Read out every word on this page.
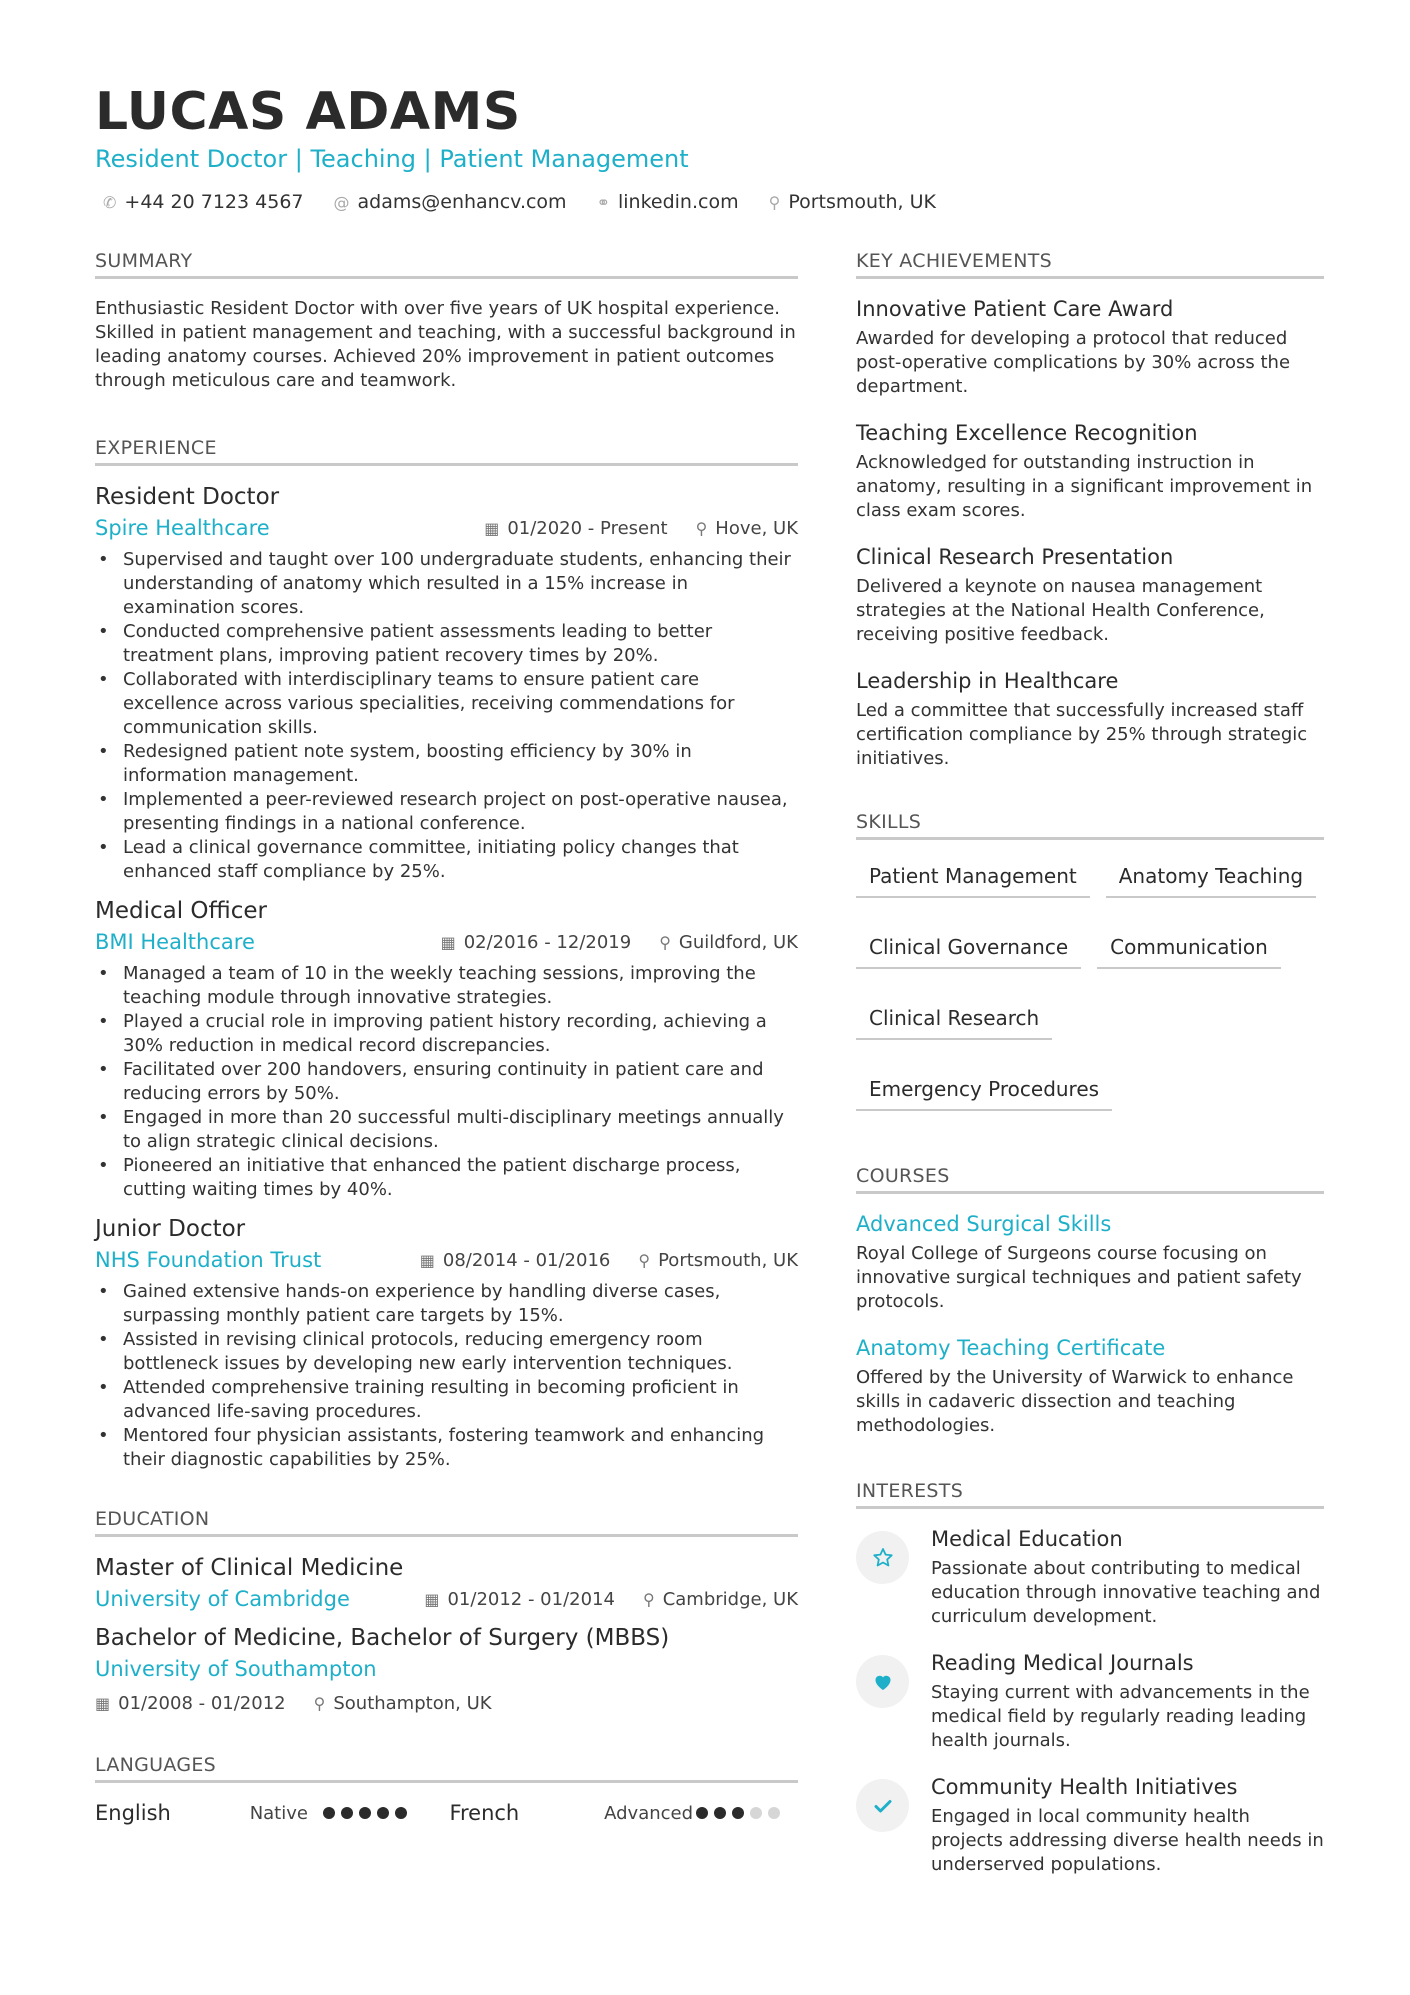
LUCAS ADAMS
Resident Doctor | Teaching | Patient Management
✆ +44 20 7123 4567 @ adams@enhancv.com ⚭ linkedin.com ⚲ Portsmouth, UK
SUMMARY
Enthusiastic Resident Doctor with over five years of UK hospital experience. Skilled in patient management and teaching, with a successful background in leading anatomy courses. Achieved 20% improvement in patient outcomes through meticulous care and teamwork.
EXPERIENCE
Resident Doctor
Spire Healthcare	▦ 01/2020 - Present ⚲ Hove, UK
• Supervised and taught over 100 undergraduate students, enhancing their understanding of anatomy which resulted in a 15% increase in examination scores.
• Conducted comprehensive patient assessments leading to better treatment plans, improving patient recovery times by 20%.
• Collaborated with interdisciplinary teams to ensure patient care excellence across various specialities, receiving commendations for communication skills.
• Redesigned patient note system, boosting efficiency by 30% in information management.
• Implemented a peer-reviewed research project on post-operative nausea, presenting findings in a national conference.
• Lead a clinical governance committee, initiating policy changes that enhanced staff compliance by 25%.
Medical Officer
BMI Healthcare	▦ 02/2016 - 12/2019 ⚲ Guildford, UK
• Managed a team of 10 in the weekly teaching sessions, improving the teaching module through innovative strategies.
• Played a crucial role in improving patient history recording, achieving a 30% reduction in medical record discrepancies.
• Facilitated over 200 handovers, ensuring continuity in patient care and reducing errors by 50%.
• Engaged in more than 20 successful multi-disciplinary meetings annually to align strategic clinical decisions.
• Pioneered an initiative that enhanced the patient discharge process, cutting waiting times by 40%.
Junior Doctor
NHS Foundation Trust	▦ 08/2014 - 01/2016 ⚲ Portsmouth, UK
• Gained extensive hands-on experience by handling diverse cases, surpassing monthly patient care targets by 15%.
• Assisted in revising clinical protocols, reducing emergency room bottleneck issues by developing new early intervention techniques.
• Attended comprehensive training resulting in becoming proficient in advanced life-saving procedures.
• Mentored four physician assistants, fostering teamwork and enhancing their diagnostic capabilities by 25%.
EDUCATION
Master of Clinical Medicine
University of Cambridge	▦ 01/2012 - 01/2014 ⚲ Cambridge, UK
Bachelor of Medicine, Bachelor of Surgery (MBBS)
University of Southampton
▦ 01/2008 - 01/2012 ⚲ Southampton, UK
LANGUAGES
English	Native	French	Advanced
KEY ACHIEVEMENTS
Innovative Patient Care Award
Awarded for developing a protocol that reduced post-operative complications by 30% across the department.
Teaching Excellence Recognition
Acknowledged for outstanding instruction in anatomy, resulting in a significant improvement in class exam scores.
Clinical Research Presentation
Delivered a keynote on nausea management strategies at the National Health Conference, receiving positive feedback.
Leadership in Healthcare
Led a committee that successfully increased staff certification compliance by 25% through strategic initiatives.
SKILLS
Patient Management	Anatomy Teaching
Clinical Governance	Communication
Clinical Research
Emergency Procedures
COURSES
Advanced Surgical Skills
Royal College of Surgeons course focusing on innovative surgical techniques and patient safety protocols.
Anatomy Teaching Certificate
Offered by the University of Warwick to enhance skills in cadaveric dissection and teaching methodologies.
INTERESTS
Medical Education
Passionate about contributing to medical education through innovative teaching and curriculum development.
Reading Medical Journals
Staying current with advancements in the medical field by regularly reading leading health journals.
Community Health Initiatives
Engaged in local community health projects addressing diverse health needs in underserved populations.
